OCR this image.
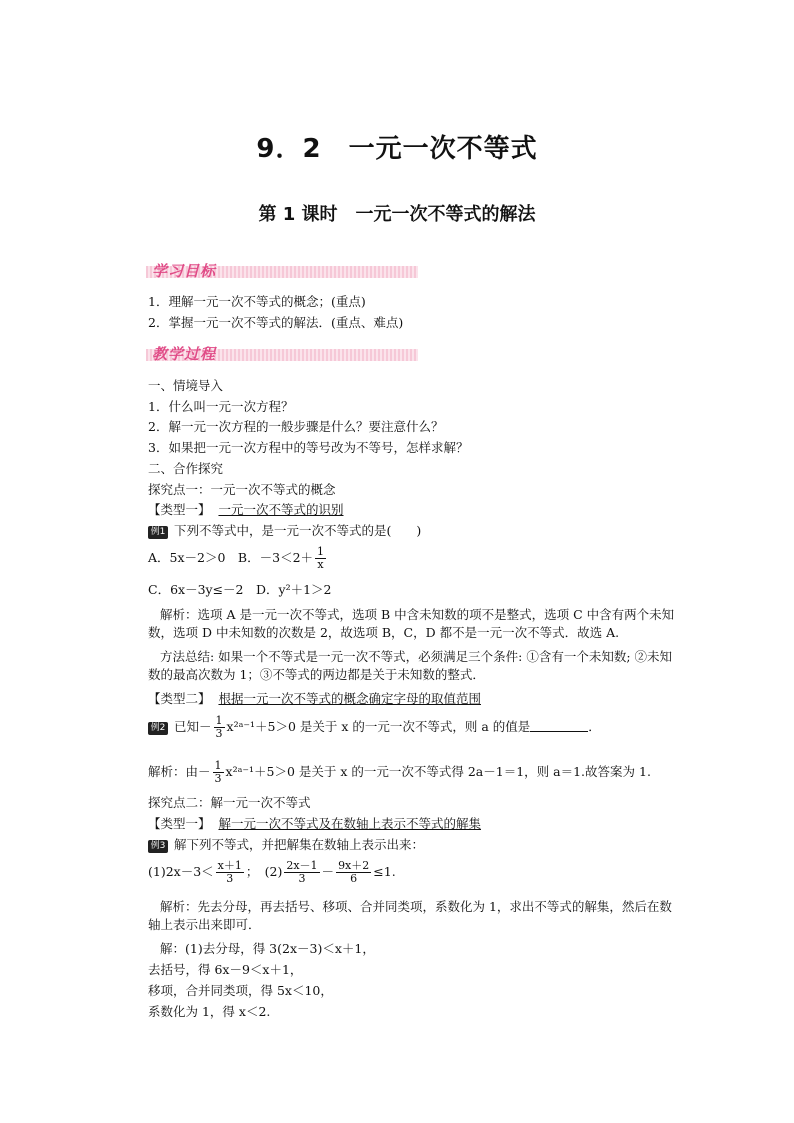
9．2　一元一次不等式
第 1 课时　一元一次不等式的解法
学习目标
1．理解一元一次不等式的概念；(重点)
2．掌握一元一次不等式的解法．(重点、难点)
教学过程
一、情境导入
1．什么叫一元一次方程？
2．解一元一次方程的一般步骤是什么？要注意什么？
3．如果把一元一次方程中的等号改为不等号，怎样求解？
二、合作探究
探究点一：一元一次不等式的概念
【类型一】 一元一次不等式的识别
例1 下列不等式中，是一元一次不等式的是(　　)
A．5x－2＞0　B．$-3<2+ \frac{1}{x}$
C．6x－3y≤－2　D．y²＋1＞2
解析：选项 A 是一元一次不等式，选项 B 中含未知数的项不是整式，选项 C 中含有两个未知数，选项 D 中未知数的次数是 2，故选项 B，C，D 都不是一元一次不等式．故选 A.
方法总结: 如果一个不等式是一元一次不等式，必须满足三个条件: ①含有一个未知数; ②未知数的最高次数为 1；③不等式的两边都是关于未知数的整式．
【类型二】 根据一元一次不等式的概念确定字母的取值范围
例2 已知－ $\frac{1}{3}$ x²ᵃ⁻¹＋5＞0 是关于 x 的一元一次不等式，则 a 的值是	．
解析：由－ $\frac{1}{3}$ x²ᵃ⁻¹＋5＞0 是关于 x 的一元一次不等式得 2a－1＝1，则 a＝1.故答案为 1.
探究点二：解一元一次不等式
【类型一】 解一元一次不等式及在数轴上表示不等式的解集
例3 解下列不等式，并把解集在数轴上表示出来：
$(1)2x-3< \frac{x+1}{3}$ ；　$(2) \frac{2x-1}{3} - \frac{9x+2}{6} \le 1$.
解析：先去分母，再去括号、移项、合并同类项，系数化为 1，求出不等式的解集，然后在数轴上表示出来即可．
解：(1)去分母，得 3(2x－3)＜x＋1，
去括号，得 6x－9＜x＋1，
移项，合并同类项，得 5x＜10，
系数化为 1，得 x＜2.
